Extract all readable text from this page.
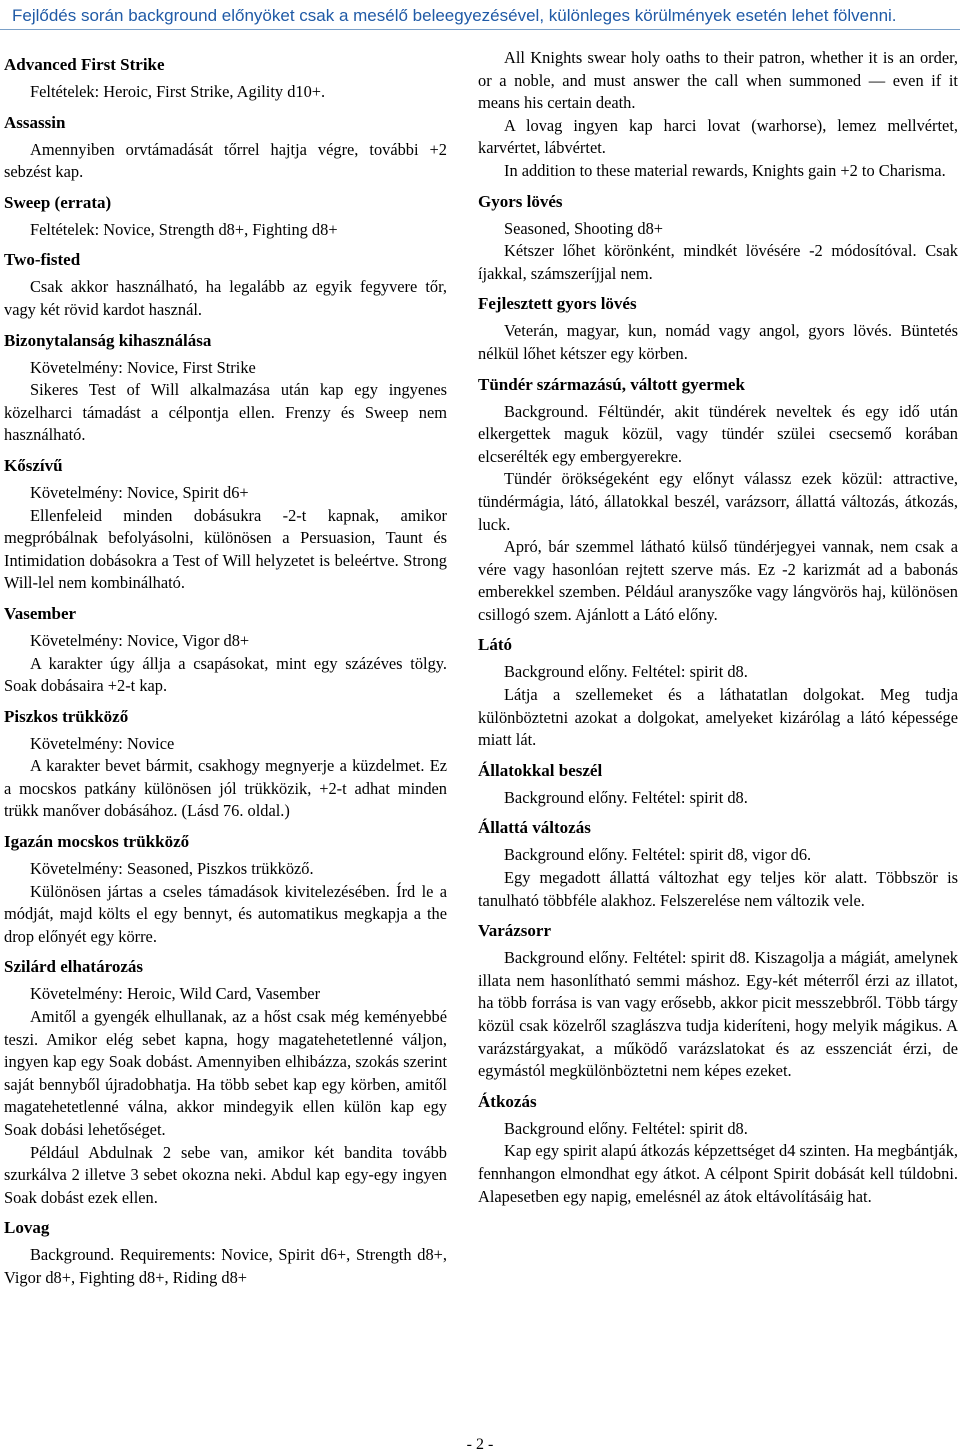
Fejlődés során background előnyöket csak a mesélő beleegyezésével, különleges körülmények esetén lehet fölvenni.
Advanced First Strike

Feltételek: Heroic, First Strike, Agility d10+.

Assassin

Amennyiben orvtámadását tőrrel hajtja végre, további +2 sebzést kap.

Sweep (errata)

Feltételek: Novice, Strength d8+, Fighting d8+

Two-fisted

Csak akkor használható, ha legalább az egyik fegyvere tőr, vagy két rövid kardot használ.

Bizonytalanság kihasználása

Követelmény: Novice, First Strike

Sikeres Test of Will alkalmazása után kap egy ingyenes közelharci támadást a célpontja ellen. Frenzy és Sweep nem használható.

Kőszívű

Követelmény: Novice, Spirit d6+

Ellenfeleid minden dobásukra -2-t kapnak, amikor megpróbálnak befolyásolni, különösen a Persuasion, Taunt és Intimidation dobásokra a Test of Will helyzetet is beleértve. Strong Will-lel nem kombinálható.

Vasember

Követelmény: Novice, Vigor d8+

A karakter úgy állja a csapásokat, mint egy százéves tölgy. Soak dobásaira +2-t kap.

Piszkos trükköző

Követelmény: Novice

A karakter bevet bármit, csakhogy megnyerje a küzdelmet. Ez a mocskos patkány különösen jól trükközik, +2-t adhat minden trükk manőver dobásához. (Lásd 76. oldal.)

Igazán mocskos trükköző

Követelmény: Seasoned, Piszkos trükköző.

Különösen jártas a cseles támadások kivitelezésében. Írd le a módját, majd költs el egy bennyt, és automatikus megkapja a the drop előnyét egy körre.

Szilárd elhatározás

Követelmény: Heroic, Wild Card, Vasember

Amitől a gyengék elhullanak, az a hőst csak még keményebbé teszi. Amikor elég sebet kapna, hogy magatehetetlenné váljon, ingyen kap egy Soak dobást. Amennyiben elhibázza, szokás szerint saját bennyből újradobhatja. Ha több sebet kap egy körben, amitől magatehetetlenné válna, akkor mindegyik ellen külön kap egy Soak dobási lehetőséget.

Például Abdulnak 2 sebe van, amikor két bandita tovább szurkálva 2 illetve 3 sebet okozna neki. Abdul kap egy-egy ingyen Soak dobást ezek ellen.

Lovag

Background. Requirements: Novice, Spirit d6+, Strength d8+, Vigor d8+, Fighting d8+, Riding d8+

All Knights swear holy oaths to their patron, whether it is an order, or a noble, and must answer the call when summoned — even if it means his certain death.

A lovag ingyen kap harci lovat (warhorse), lemez mellvértet, karvértet, lábvértet.

In addition to these material rewards, Knights gain +2 to Charisma.

Gyors lövés

Seasoned, Shooting d8+

Kétszer lőhet körönként, mindkét lövésére -2 módosítóval. Csak íjakkal, számszeríjjal nem.

Fejlesztett gyors lövés

Veterán, magyar, kun, nomád vagy angol, gyors lövés. Büntetés nélkül lőhet kétszer egy körben.

Tündér származású, váltott gyermek

Background. Féltündér, akit tündérek neveltek és egy idő után elkergettek maguk közül, vagy tündér szülei csecsemő korában elcserélték egy embergyerekre.

Tündér örökségeként egy előnyt válassz ezek közül: attractive, tündérmágia, látó, állatokkal beszél, varázsorr, állattá változás, átkozás, luck.

Apró, bár szemmel látható külső tündérjegyei vannak, nem csak a vére vagy hasonlóan rejtett szerve más. Ez -2 karizmát ad a babonás emberekkel szemben. Például aranyszőke vagy lángvörös haj, különösen csillogó szem. Ajánlott a Látó előny.

Látó

Background előny. Feltétel: spirit d8.

Látja a szellemeket és a láthatatlan dolgokat. Meg tudja különböztetni azokat a dolgokat, amelyeket kizárólag a látó képessége miatt lát.

Állatokkal beszél

Background előny. Feltétel: spirit d8.

Állattá változás

Background előny. Feltétel: spirit d8, vigor d6.

Egy megadott állattá változhat egy teljes kör alatt. Többször is tanulható többféle alakhoz. Felszerelése nem változik vele.

Varázsorr

Background előny. Feltétel: spirit d8. Kiszagolja a mágiát, amelynek illata nem hasonlítható semmi máshoz. Egy-két méterről érzi az illatot, ha több forrása is van vagy erősebb, akkor picit messzebbről. Több tárgy közül csak közelről szaglászva tudja kideríteni, hogy melyik mágikus. A varázstárgyakat, a működő varázslatokat és az esszenciát érzi, de egymástól megkülönböztetni nem képes ezeket.

Átkozás

Background előny. Feltétel: spirit d8.

Kap egy spirit alapú átkozás képzettséget d4 szinten. Ha megbántják, fennhangon elmondhat egy átkot. A célpont Spirit dobását kell túldobni. Alapesetben egy napig, emelésnél az átok eltávolításáig hat.

- 2 -
